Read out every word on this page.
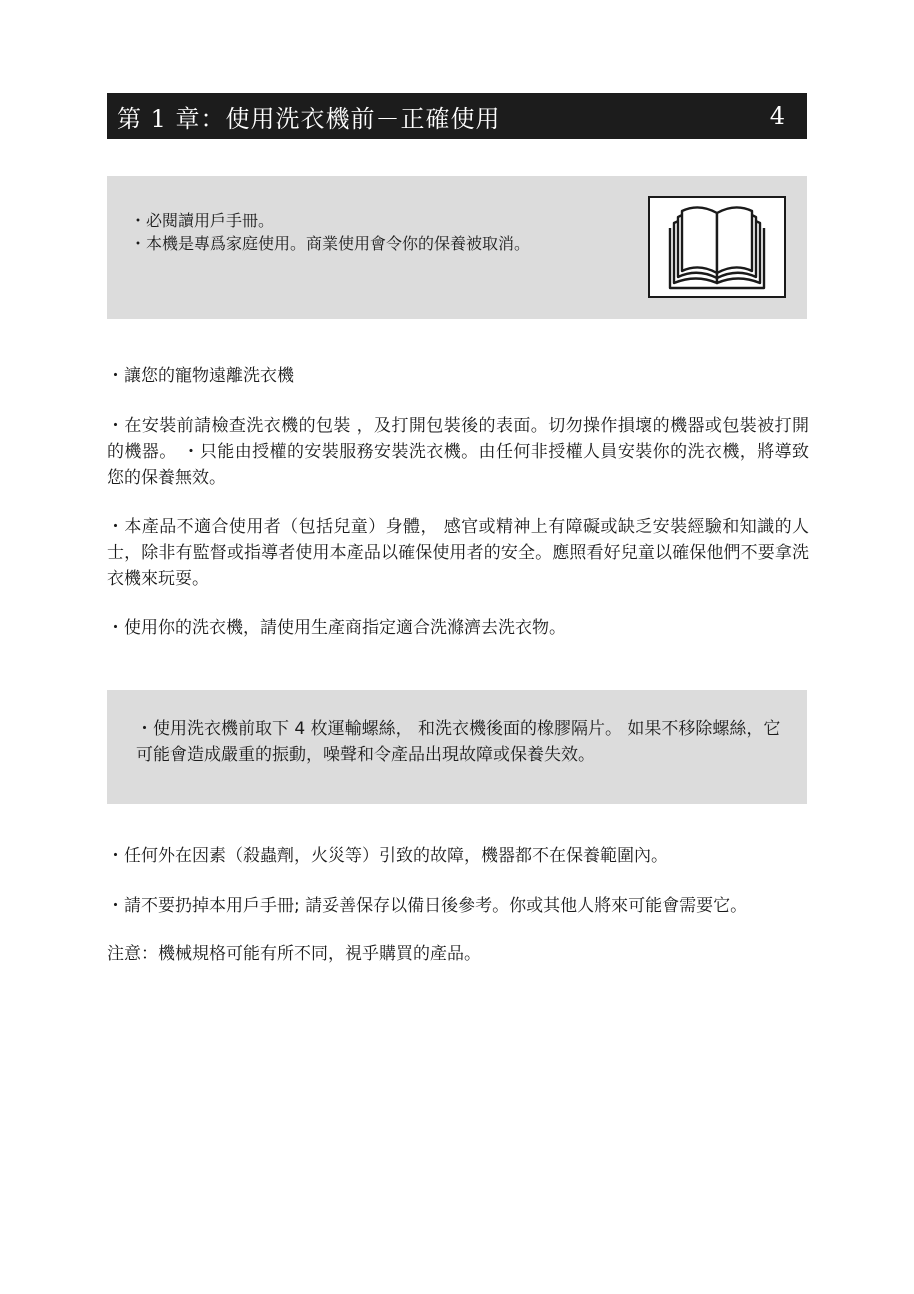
第 1 章：使用洗衣機前－正確使用	4
・必閱讀用戶手冊。
・本機是專爲家庭使用。商業使用會令你的保養被取消。
・讓您的寵物遠離洗衣機
・在安裝前請檢查洗衣機的包裝 ，及打開包裝後的表面。切勿操作損壞的機器或包裝被打開的機器。 ・只能由授權的安裝服務安裝洗衣機。由任何非授權人員安裝你的洗衣機，將導致您的保養無效。
・本產品不適合使用者（包括兒童）身體， 感官或精神上有障礙或缺乏安裝經驗和知識的人士，除非有監督或指導者使用本產品以確保使用者的安全。應照看好兒童以確保他們不要拿洗衣機來玩耍。
・使用你的洗衣機，請使用生產商指定適合洗滌濟去洗衣物。
・使用洗衣機前取下 4 枚運輸螺絲， 和洗衣機後面的橡膠隔片。 如果不移除螺絲，它可能會造成嚴重的振動，噪聲和令產品出現故障或保養失效。
・任何外在因素（殺蟲劑，火災等）引致的故障，機器都不在保養範圍內。
・請不要扔掉本用戶手冊; 請妥善保存以備日後參考。你或其他人將來可能會需要它。
注意：機械規格可能有所不同，視乎購買的產品。
